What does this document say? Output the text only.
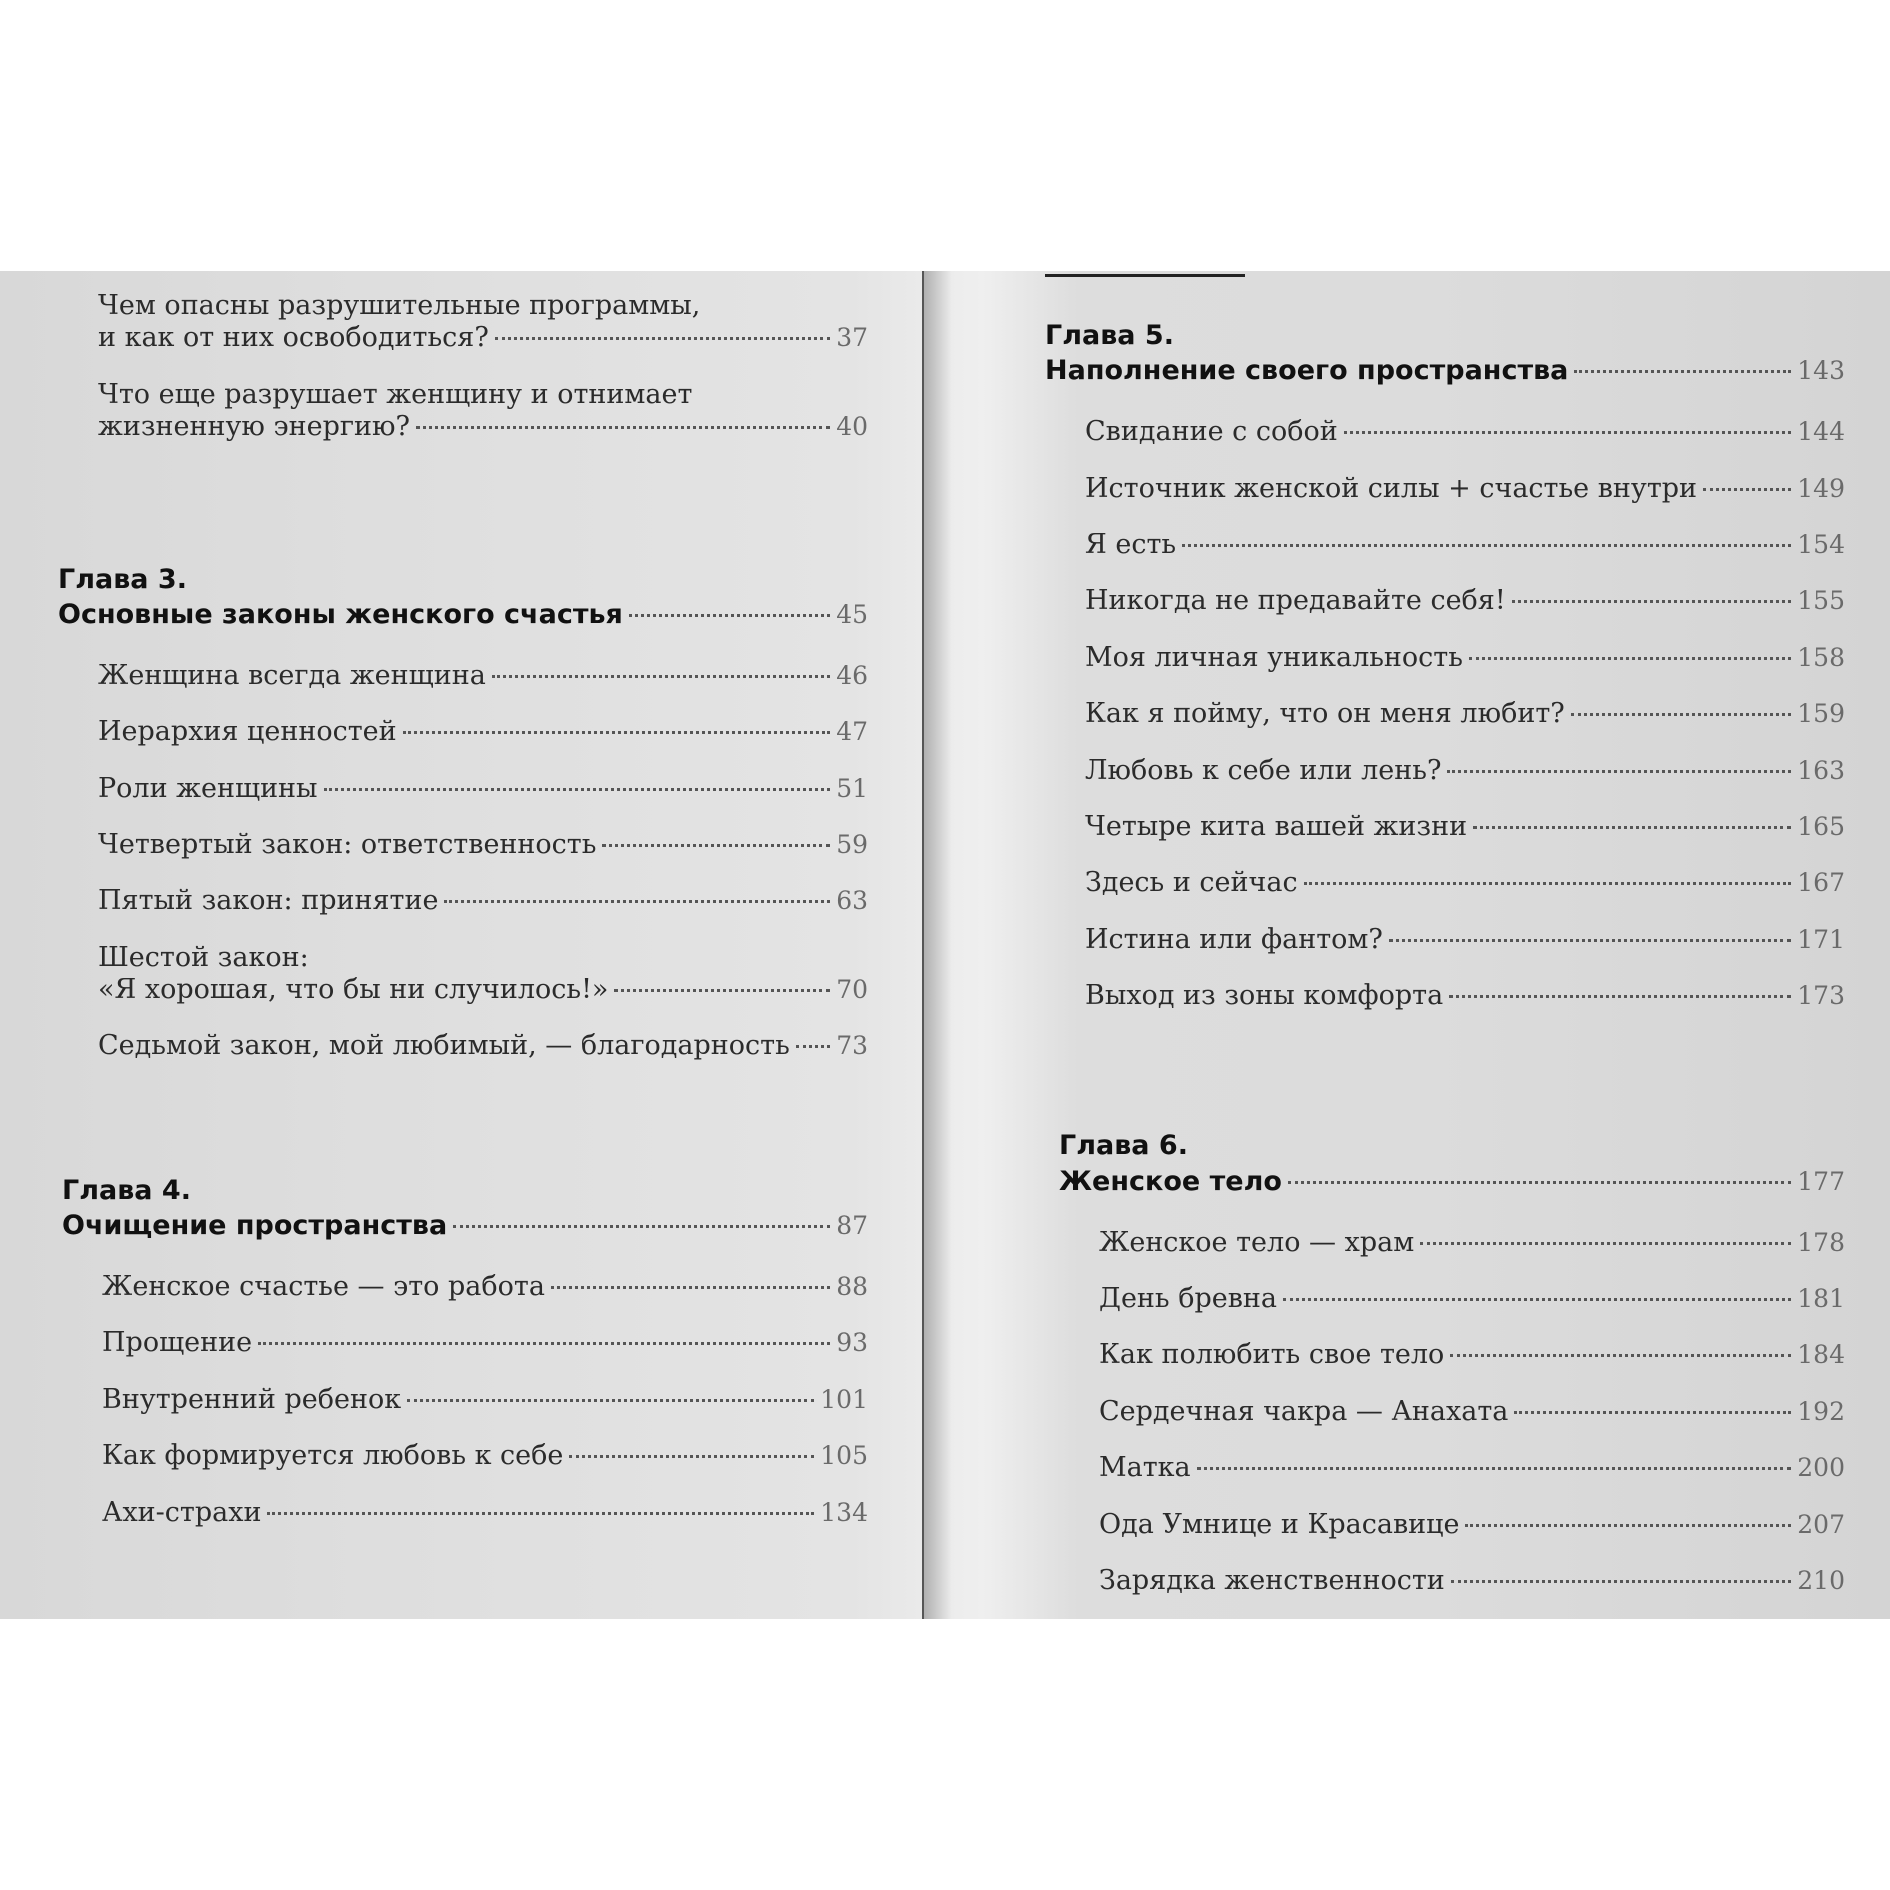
Чем опасны разрушительные программы,
и как от них освободиться?	37
Что еще разрушает женщину и отнимает
жизненную энергию?	40
Глава 3.
Основные законы женского счастья	45
Женщина всегда женщина	46
Иерархия ценностей	47
Роли женщины	51
Четвертый закон: ответственность	59
Пятый закон: принятие	63
Шестой закон:
«Я хорошая, что бы ни случилось!»	70
Седьмой закон, мой любимый, — благодарность 73
Глава 4.
Очищение пространства	87
Женское счастье — это работа	88
Прощение	93
Внутренний ребенок	101
Как формируется любовь к себе	105
Ахи-страхи	134
Глава 5.
Наполнение своего пространства	143
Свидание с собой	144
Источник женской силы + счастье внутри	149
Я есть	154
Никогда не предавайте себя!	155
Моя личная уникальность	158
Как я пойму, что он меня любит?	159
Любовь к себе или лень?	163
Четыре кита вашей жизни	165
Здесь и сейчас	167
Истина или фантом?	171
Выход из зоны комфорта	173
Глава 6.
Женское тело	177
Женское тело — храм	178
День бревна	181
Как полюбить свое тело	184
Сердечная чакра — Анахата	192
Матка	200
Ода Умнице и Красавице	207
Зарядка женственности	210
